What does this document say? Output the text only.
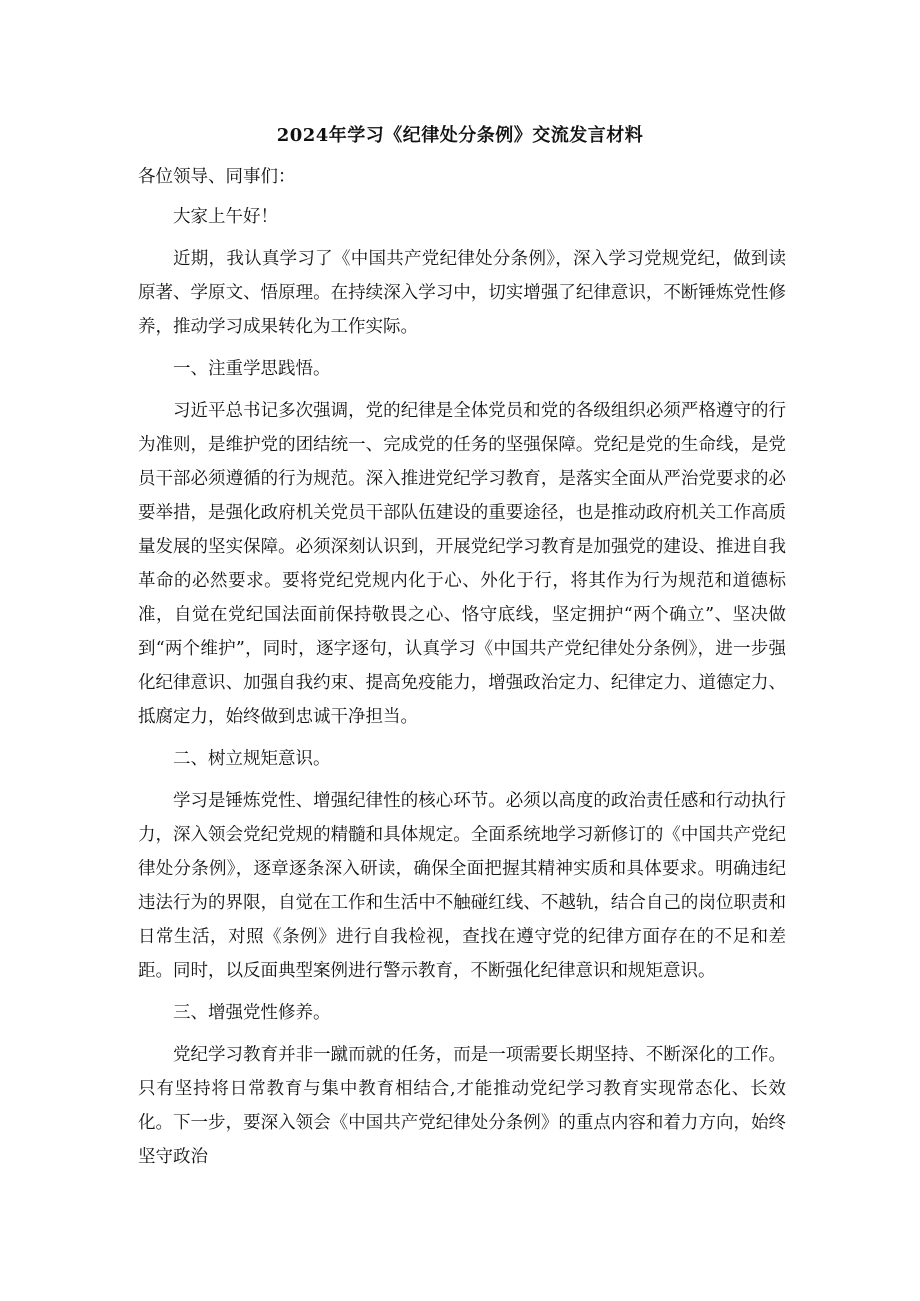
2024年学习《纪律处分条例》交流发言材料

各位领导、同事们：

大家上午好！

近期，我认真学习了《中国共产党纪律处分条例》，深入学习党规党纪，做到读原著、学原文、悟原理。在持续深入学习中，切实增强了纪律意识，不断锤炼党性修养，推动学习成果转化为工作实际。

一、注重学思践悟。

习近平总书记多次强调，党的纪律是全体党员和党的各级组织必须严格遵守的行为准则，是维护党的团结统一、完成党的任务的坚强保障。党纪是党的生命线，是党员干部必须遵循的行为规范。深入推进党纪学习教育，是落实全面从严治党要求的必要举措，是强化政府机关党员干部队伍建设的重要途径，也是推动政府机关工作高质量发展的坚实保障。必须深刻认识到，开展党纪学习教育是加强党的建设、推进自我革命的必然要求。要将党纪党规内化于心、外化于行，将其作为行为规范和道德标准，自觉在党纪国法面前保持敬畏之心、恪守底线，坚定拥护“两个确立”、坚决做到“两个维护”，同时，逐字逐句，认真学习《中国共产党纪律处分条例》，进一步强化纪律意识、加强自我约束、提高免疫能力，增强政治定力、纪律定力、道德定力、抵腐定力，始终做到忠诚干净担当。

二、树立规矩意识。

学习是锤炼党性、增强纪律性的核心环节。必须以高度的政治责任感和行动执行力，深入领会党纪党规的精髓和具体规定。全面系统地学习新修订的《中国共产党纪律处分条例》，逐章逐条深入研读，确保全面把握其精神实质和具体要求。明确违纪违法行为的界限，自觉在工作和生活中不触碰红线、不越轨，结合自己的岗位职责和日常生活，对照《条例》进行自我检视，查找在遵守党的纪律方面存在的不足和差距。同时，以反面典型案例进行警示教育，不断强化纪律意识和规矩意识。

三、增强党性修养。

党纪学习教育并非一蹴而就的任务，而是一项需要长期坚持、不断深化的工作。只有坚持将日常教育与集中教育相结合,才能推动党纪学习教育实现常态化、长效化。下一步，要深入领会《中国共产党纪律处分条例》的重点内容和着力方向，始终坚守政治
